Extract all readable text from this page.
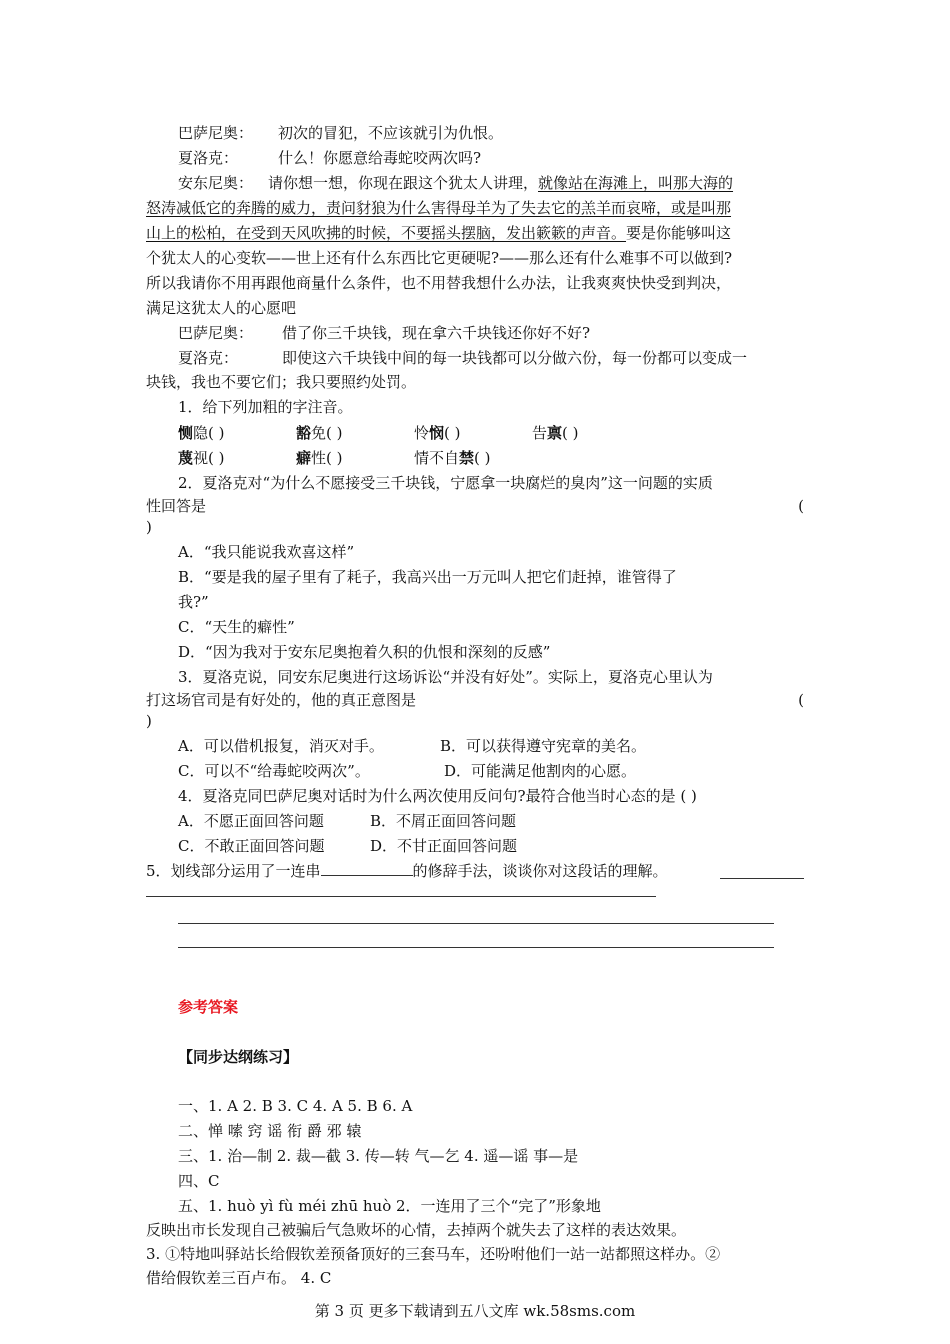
巴萨尼奥： 初次的冒犯，不应该就引为仇恨。
夏洛克：	什么！你愿意给毒蛇咬两次吗?
安东尼奥： 请你想一想，你现在跟这个犹太人讲理，就像站在海滩上，叫那大海的
怒涛减低它的奔腾的威力，责问豺狼为什么害得母羊为了失去它的羔羊而哀啼，或是叫那
山上的松柏，在受到天风吹拂的时候，不要摇头摆脑，发出簌簌的声音。要是你能够叫这
个犹太人的心变软——世上还有什么东西比它更硬呢?——那么还有什么难事不可以做到?
所以我请你不用再跟他商量什么条件，也不用替我想什么办法，让我爽爽快快受到判决，
满足这犹太人的心愿吧
巴萨尼奥： 借了你三千块钱，现在拿六千块钱还你好不好?
夏洛克：	即使这六千块钱中间的每一块钱都可以分做六份，每一份都可以变成一
块钱，我也不要它们；我只要照约处罚。
1．给下列加粗的字注音。
恻隐( )	豁免( )	怜悯( )	告禀( )
蔑视( )	癖性( )	情不自禁( )
2．夏洛克对“为什么不愿接受三千块钱，宁愿拿一块腐烂的臭肉”这一问题的实质
性回答是	(
)
A．“我只能说我欢喜这样”
B．“要是我的屋子里有了耗子，我高兴出一万元叫人把它们赶掉，谁管得了
我?”
C．“天生的癖性”
D．“因为我对于安东尼奥抱着久积的仇恨和深刻的反感”
3．夏洛克说，同安东尼奥进行这场诉讼“并没有好处”。实际上，夏洛克心里认为
打这场官司是有好处的，他的真正意图是	(
)
A．可以借机报复，消灭对手。	B．可以获得遵守宪章的美名。
C．可以不“给毒蛇咬两次”。	D．可能满足他割肉的心愿。
4．夏洛克同巴萨尼奥对话时为什么两次使用反问句?最符合他当时心态的是 ( )
A．不愿正面回答问题	B．不屑正面回答问题
C．不敢正面回答问题	D．不甘正面回答问题
5．划线部分运用了一连串	的修辞手法，谈谈你对这段话的理解。
参考答案
【同步达纲练习】
一、1. A 2. B 3. C 4. A 5. B 6. A
二、惮 嗦 窍 谣 衔 爵 邪 辕
三、1. 治—制 2. 裁—截 3. 传—转 气—乞 4. 遥—谣 事—是
四、C
五、1. huò yì fù méi zhū huò 2．一连用了三个“完了”形象地
反映出市长发现自己被骗后气急败坏的心情，去掉两个就失去了这样的表达效果。
3. ①特地叫驿站长给假钦差预备顶好的三套马车，还吩咐他们一站一站都照这样办。②
借给假钦差三百卢布。 4. C
第 3 页 更多下载请到五八文库 wk.58sms.com
